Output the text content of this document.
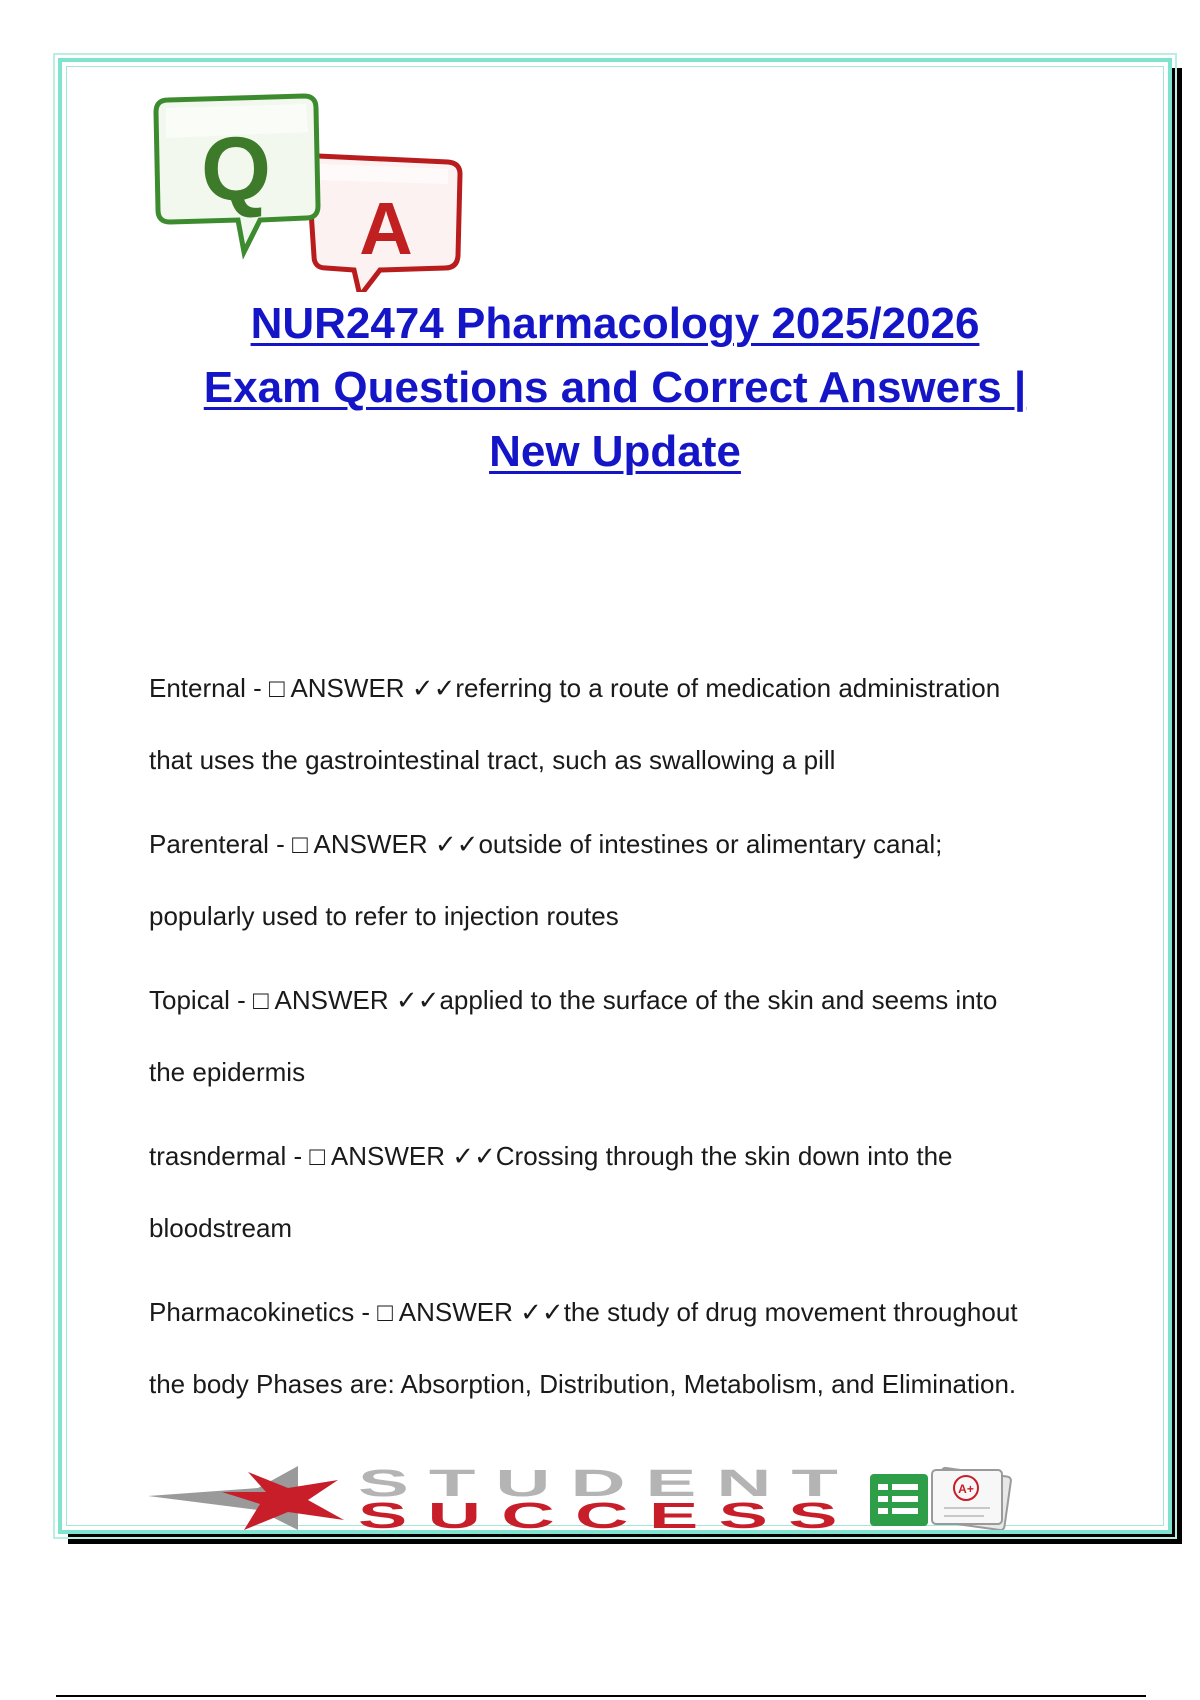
A
Q
NUR2474 Pharmacology 2025/2026
Exam Questions and Correct Answers |
New Update
Enternal - □ ANSWER ✓✓referring to a route of medication administration
that uses the gastrointestinal tract, such as swallowing a pill
Parenteral - □ ANSWER ✓✓outside of intestines or alimentary canal;
popularly used to refer to injection routes
Topical - □ ANSWER ✓✓applied to the surface of the skin and seems into
the epidermis
trasndermal - □ ANSWER ✓✓Crossing through the skin down into the
bloodstream
Pharmacokinetics - □ ANSWER ✓✓the study of drug movement throughout
the body Phases are: Absorption, Distribution, Metabolism, and Elimination.
STUDENT
SUCCESS
A+
